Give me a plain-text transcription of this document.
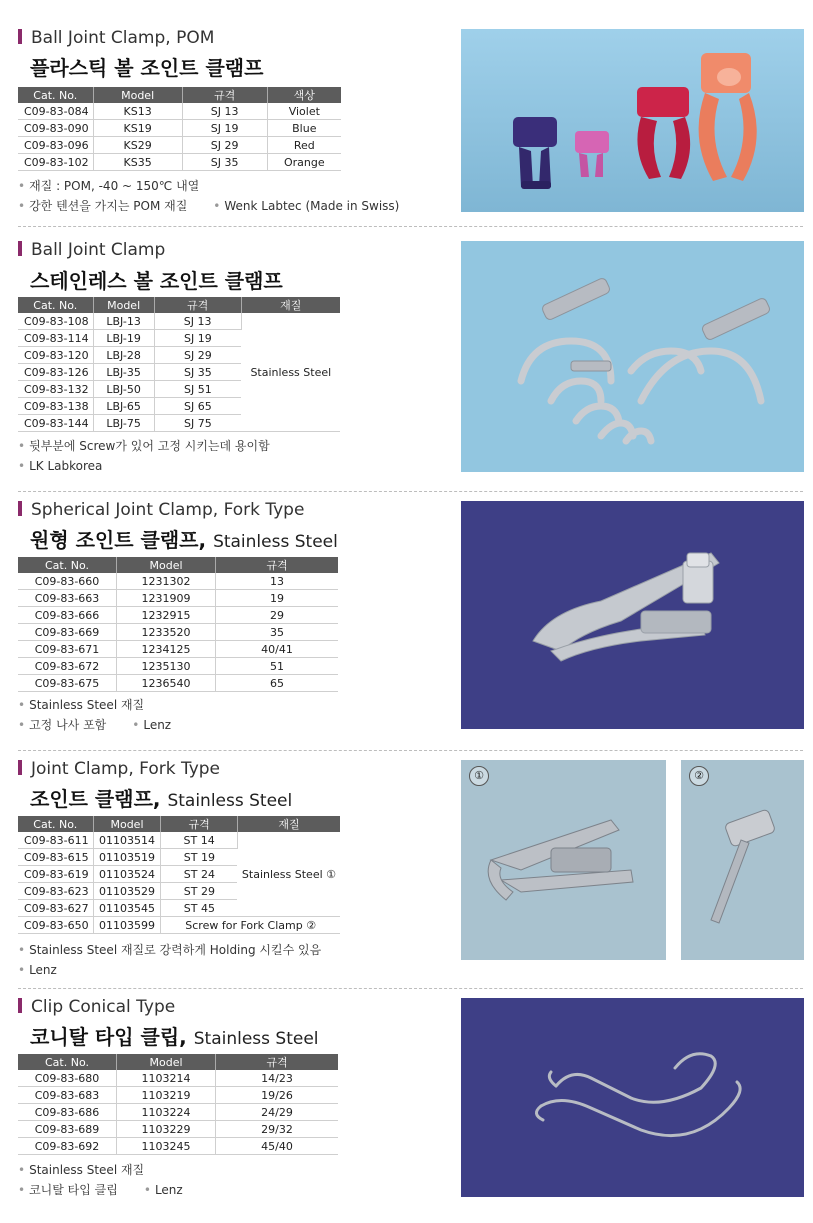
Ball Joint Clamp, POM
플라스틱 볼 조인트 클램프
Cat. No.	Model	규격	색상
C09-83-084	KS13	SJ 13	Violet
C09-83-090	KS19	SJ 19	Blue
C09-83-096	KS29	SJ 29	Red
C09-83-102	KS35	SJ 35	Orange
• 재질 : POM, -40 ~ 150℃ 내열
• 강한 텐션을 가지는 POM 재질 • Wenk Labtec (Made in Swiss)
Ball Joint Clamp
스테인레스 볼 조인트 클램프
Cat. No.	Model	규격	재질
C09-83-108	LBJ-13	SJ 13	Stainless Steel
C09-83-114	LBJ-19	SJ 19	
C09-83-120	LBJ-28	SJ 29	
C09-83-126	LBJ-35	SJ 35	
C09-83-132	LBJ-50	SJ 51	
C09-83-138	LBJ-65	SJ 65	
C09-83-144	LBJ-75	SJ 75	
• 뒷부분에 Screw가 있어 고정 시키는데 용이함
• LK Labkorea
Spherical Joint Clamp, Fork Type
원형 조인트 클램프, Stainless Steel
Cat. No.	Model	규격
C09-83-660	1231302	13
C09-83-663	1231909	19
C09-83-666	1232915	29
C09-83-669	1233520	35
C09-83-671	1234125	40/41
C09-83-672	1235130	51
C09-83-675	1236540	65
• Stainless Steel 재질
• 고정 나사 포함 • Lenz
Joint Clamp, Fork Type
조인트 클램프, Stainless Steel
Cat. No.	Model	규격	재질
C09-83-611	01103514	ST 14	Stainless Steel ①
C09-83-615	01103519	ST 19	
C09-83-619	01103524	ST 24	
C09-83-623	01103529	ST 29	
C09-83-627	01103545	ST 45	
C09-83-650	01103599	Screw for Fork Clamp ②	
• Stainless Steel 재질로 강력하게 Holding 시킬수 있음
• Lenz
①	②
Clip Conical Type
코니탈 타입 클립, Stainless Steel
Cat. No.	Model	규격
C09-83-680	1103214	14/23
C09-83-683	1103219	19/26
C09-83-686	1103224	24/29
C09-83-689	1103229	29/32
C09-83-692	1103245	45/40
• Stainless Steel 재질
• 코니탈 타입 클립 • Lenz
